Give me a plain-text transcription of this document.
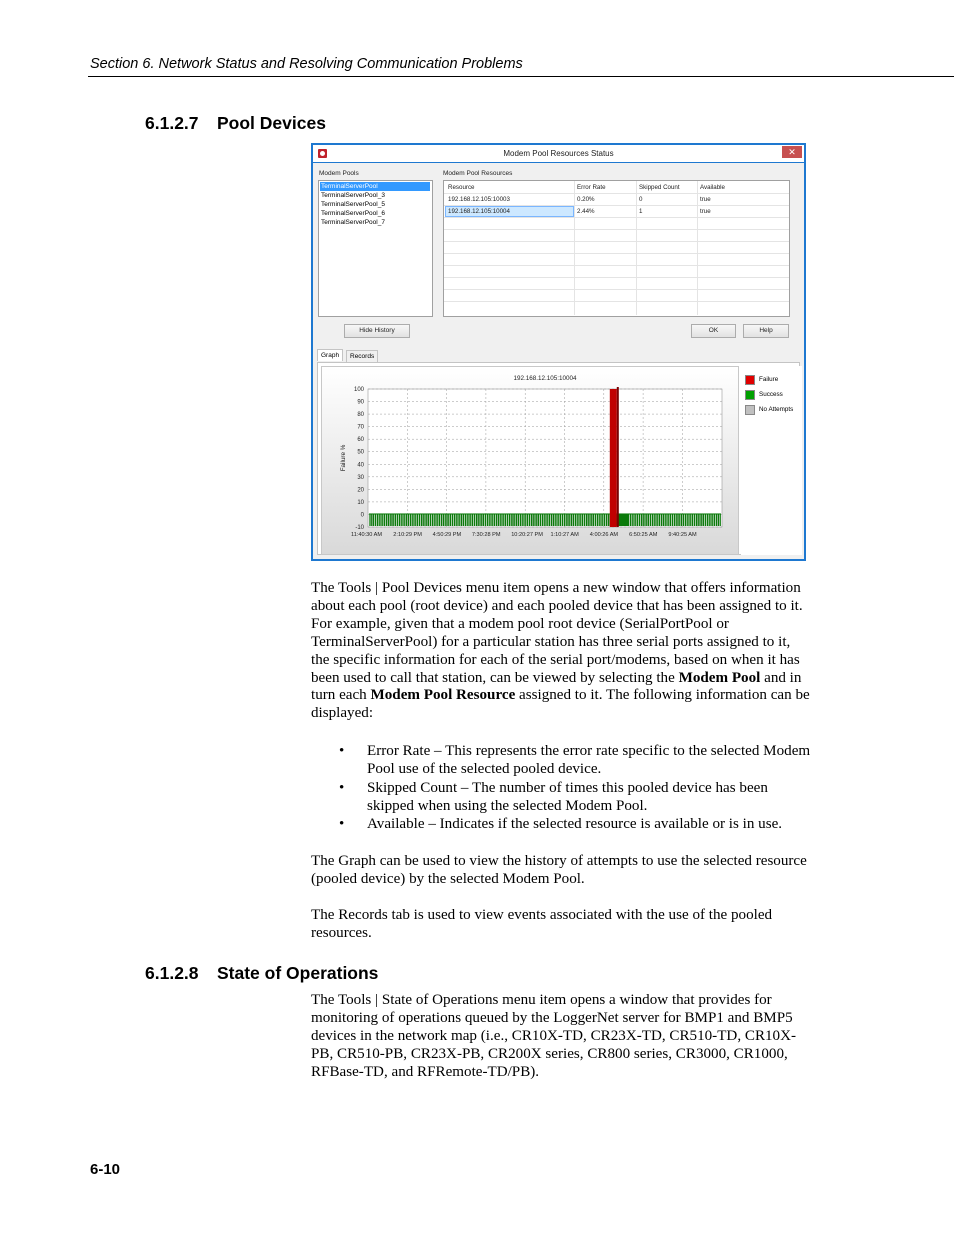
Section 6. Network Status and Resolving Communication Problems
6.1.2.7 Pool Devices
Modem Pool Resources Status	✕
Modem Pools
TerminalServerPool
TerminalServerPool_3
TerminalServerPool_5
TerminalServerPool_6
TerminalServerPool_7
Modem Pool Resources
Resource	Error Rate	Skipped Count	Available
192.168.12.105:10003	0.20%	0	true
192.168.12.105:10004	2.44%	1	true
Hide History	OK	Help
Graph	Records
192.168.12.105:10004
100
90
80
70
60
50
40
30
20
10
0
-10
Failure %
11:40:30 AM 2:10:29 PM 4:50:29 PM 7:30:28 PM 10:20:27 PM 1:10:27 AM 4:00:26 AM 6:50:25 AM 9:40:25 AM
Failure
Success
No Attempts

The Tools | Pool Devices menu item opens a new window that offers information about each pool (root device) and each pooled device that has been assigned to it. For example, given that a modem pool root device (SerialPortPool or TerminalServerPool) for a particular station has three serial ports assigned to it, the specific information for each of the serial port/modems, based on when it has been used to call that station, can be viewed by selecting the Modem Pool and in turn each Modem Pool Resource assigned to it. The following information can be displayed:

• Error Rate – This represents the error rate specific to the selected Modem Pool use of the selected pooled device.
• Skipped Count – The number of times this pooled device has been skipped when using the selected Modem Pool.
• Available – Indicates if the selected resource is available or is in use.

The Graph can be used to view the history of attempts to use the selected resource (pooled device) by the selected Modem Pool.

The Records tab is used to view events associated with the use of the pooled resources.

6.1.2.8 State of Operations

The Tools | State of Operations menu item opens a window that provides for monitoring of operations queued by the LoggerNet server for BMP1 and BMP5 devices in the network map (i.e., CR10X-TD, CR23X-TD, CR510-TD, CR10X-PB, CR510-PB, CR23X-PB, CR200X series, CR800 series, CR3000, CR1000, RFBase-TD, and RFRemote-TD/PB).

6-10
